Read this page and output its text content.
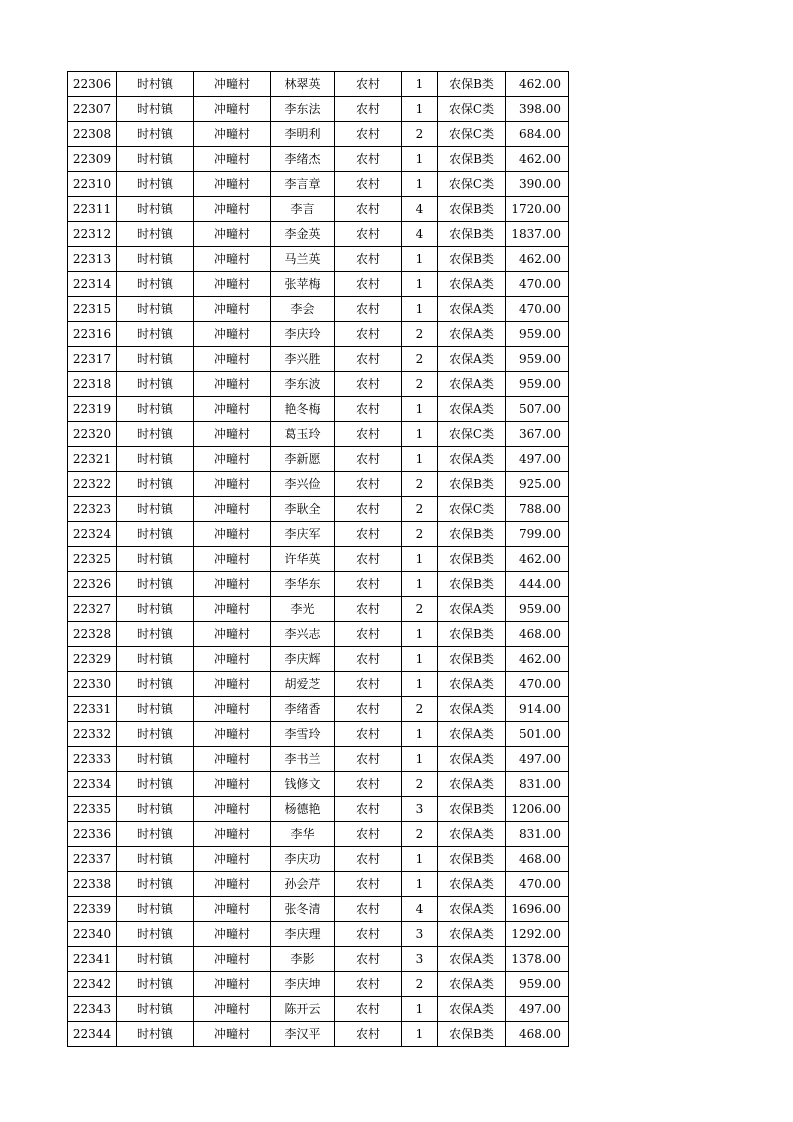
22306	时村镇	冲疃村	林翠英	农村	1	农保B类	462.00
22307	时村镇	冲疃村	李东法	农村	1	农保C类	398.00
22308	时村镇	冲疃村	李明利	农村	2	农保C类	684.00
22309	时村镇	冲疃村	李绪杰	农村	1	农保B类	462.00
22310	时村镇	冲疃村	李言章	农村	1	农保C类	390.00
22311	时村镇	冲疃村	李言	农村	4	农保B类	1720.00
22312	时村镇	冲疃村	李金英	农村	4	农保B类	1837.00
22313	时村镇	冲疃村	马兰英	农村	1	农保B类	462.00
22314	时村镇	冲疃村	张苹梅	农村	1	农保A类	470.00
22315	时村镇	冲疃村	李会	农村	1	农保A类	470.00
22316	时村镇	冲疃村	李庆玲	农村	2	农保A类	959.00
22317	时村镇	冲疃村	李兴胜	农村	2	农保A类	959.00
22318	时村镇	冲疃村	李东波	农村	2	农保A类	959.00
22319	时村镇	冲疃村	艳冬梅	农村	1	农保A类	507.00
22320	时村镇	冲疃村	葛玉玲	农村	1	农保C类	367.00
22321	时村镇	冲疃村	李新愿	农村	1	农保A类	497.00
22322	时村镇	冲疃村	李兴俭	农村	2	农保B类	925.00
22323	时村镇	冲疃村	李耿全	农村	2	农保C类	788.00
22324	时村镇	冲疃村	李庆军	农村	2	农保B类	799.00
22325	时村镇	冲疃村	许华英	农村	1	农保B类	462.00
22326	时村镇	冲疃村	李华东	农村	1	农保B类	444.00
22327	时村镇	冲疃村	李光	农村	2	农保A类	959.00
22328	时村镇	冲疃村	李兴志	农村	1	农保B类	468.00
22329	时村镇	冲疃村	李庆辉	农村	1	农保B类	462.00
22330	时村镇	冲疃村	胡爱芝	农村	1	农保A类	470.00
22331	时村镇	冲疃村	李绪香	农村	2	农保A类	914.00
22332	时村镇	冲疃村	李雪玲	农村	1	农保A类	501.00
22333	时村镇	冲疃村	李书兰	农村	1	农保A类	497.00
22334	时村镇	冲疃村	钱修文	农村	2	农保A类	831.00
22335	时村镇	冲疃村	杨德艳	农村	3	农保B类	1206.00
22336	时村镇	冲疃村	李华	农村	2	农保A类	831.00
22337	时村镇	冲疃村	李庆功	农村	1	农保B类	468.00
22338	时村镇	冲疃村	孙会芹	农村	1	农保A类	470.00
22339	时村镇	冲疃村	张冬清	农村	4	农保A类	1696.00
22340	时村镇	冲疃村	李庆理	农村	3	农保A类	1292.00
22341	时村镇	冲疃村	李影	农村	3	农保A类	1378.00
22342	时村镇	冲疃村	李庆坤	农村	2	农保A类	959.00
22343	时村镇	冲疃村	陈开云	农村	1	农保A类	497.00
22344	时村镇	冲疃村	李汉平	农村	1	农保B类	468.00
